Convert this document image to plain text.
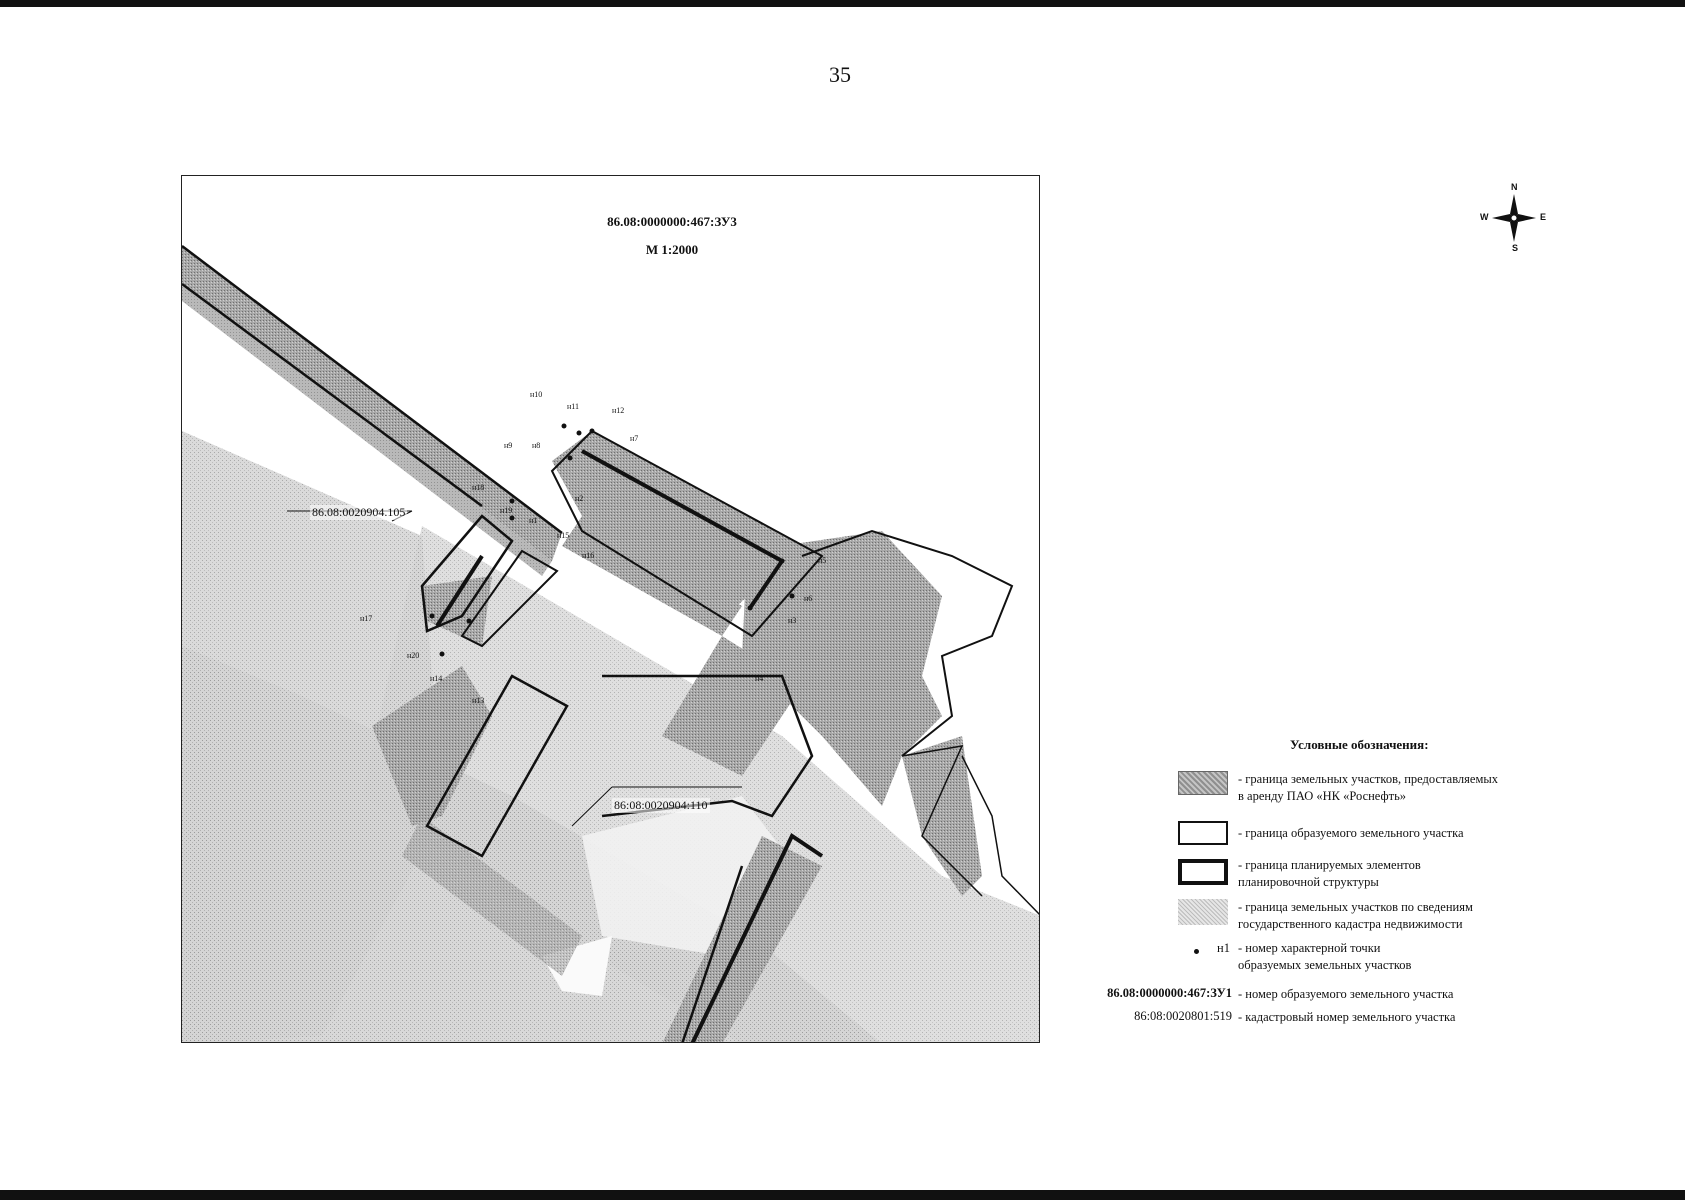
35
86.08:0000000:467:ЗУ3
М 1:2000
86.08:0020904.105
86:08:0020904:110
н10
н11	н12
н7
н8
н9
н18
н19
н2
н1
н15
н16
н5
н6
н3
н4
н17
н20
н14
н13
N
S
W	E
Условные обозначения:
- граница земельных участков, предоставляемых
в аренду ПАО «НК «Роснефть»
- граница образуемого земельного участка
- граница планируемых элементов
планировочной структуры
- граница земельных участков по сведениям
государственного кадастра недвижимости
н1 - номер характерной точки
образуемых земельных участков
86.08:0000000:467:ЗУ1 - номер образуемого земельного участка
86:08:0020801:519 - кадастровый номер земельного участка
